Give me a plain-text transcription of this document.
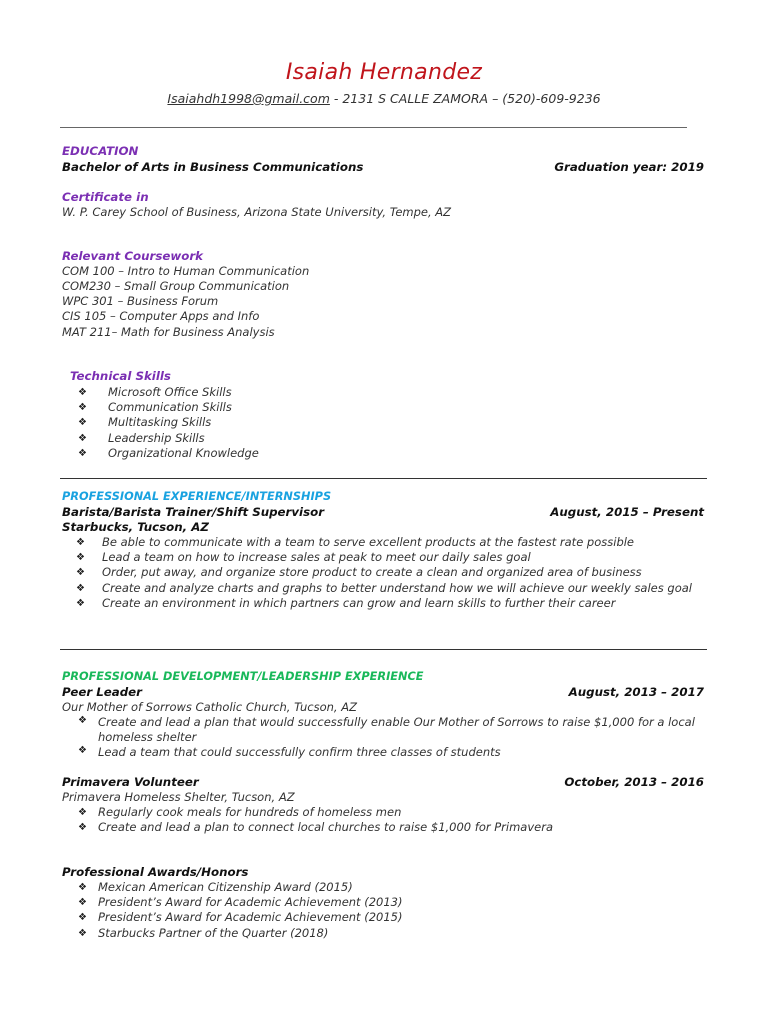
Isaiah Hernandez
Isaiahdh1998@gmail.com - 2131 S CALLE ZAMORA – (520)-609-9236
EDUCATION
Bachelor of Arts in Business Communications	Graduation year: 2019
Certificate in
W. P. Carey School of Business, Arizona State University, Tempe, AZ
Relevant Coursework
COM 100 – Intro to Human Communication
COM230 – Small Group Communication
WPC 301 – Business Forum
CIS 105 – Computer Apps and Info
MAT 211– Math for Business Analysis
Technical Skills
❖ Microsoft Office Skills
❖ Communication Skills
❖ Multitasking Skills
❖ Leadership Skills
❖ Organizational Knowledge
PROFESSIONAL EXPERIENCE/INTERNSHIPS
Barista/Barista Trainer/Shift Supervisor	August, 2015 – Present
Starbucks, Tucson, AZ
❖ Be able to communicate with a team to serve excellent products at the fastest rate possible
❖ Lead a team on how to increase sales at peak to meet our daily sales goal
❖ Order, put away, and organize store product to create a clean and organized area of business
❖ Create and analyze charts and graphs to better understand how we will achieve our weekly sales goal
❖ Create an environment in which partners can grow and learn skills to further their career
PROFESSIONAL DEVELOPMENT/LEADERSHIP EXPERIENCE
Peer Leader	August, 2013 – 2017
Our Mother of Sorrows Catholic Church, Tucson, AZ
❖ Create and lead a plan that would successfully enable Our Mother of Sorrows to raise $1,000 for a local
homeless shelter
❖ Lead a team that could successfully confirm three classes of students
Primavera Volunteer	October, 2013 – 2016
Primavera Homeless Shelter, Tucson, AZ
❖ Regularly cook meals for hundreds of homeless men
❖ Create and lead a plan to connect local churches to raise $1,000 for Primavera
Professional Awards/Honors
❖ Mexican American Citizenship Award (2015)
❖ President’s Award for Academic Achievement (2013)
❖ President’s Award for Academic Achievement (2015)
❖ Starbucks Partner of the Quarter (2018)
